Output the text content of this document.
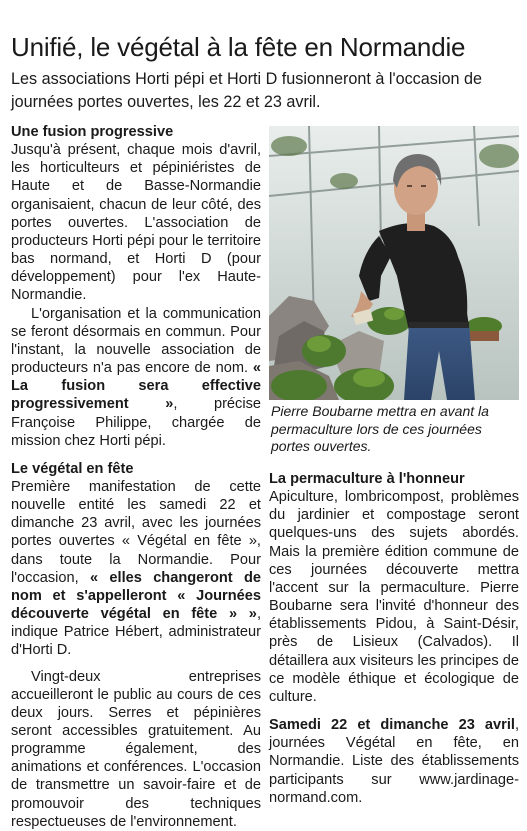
Unifié, le végétal à la fête en Normandie

Les associations Horti pépi et Horti D fusionneront à l'occasion de journées portes ouvertes, les 22 et 23 avril.

Une fusion progressive

Jusqu'à présent, chaque mois d'avril, les horticulteurs et pépiniéristes de Haute et de Basse-Normandie organisaient, chacun de leur côté, des portes ouvertes. L'association de producteurs Horti pépi pour le territoire bas normand, et Horti D (pour développement) pour l'ex Haute-Normandie.

L'organisation et la communication se feront désormais en commun. Pour l'instant, la nouvelle association de producteurs n'a pas encore de nom. « La fusion sera effective progressivement », précise Françoise Philippe, chargée de mission chez Horti pépi.

Le végétal en fête

Première manifestation de cette nouvelle entité les samedi 22 et dimanche 23 avril, avec les journées portes ouvertes « Végétal en fête », dans toute la Normandie. Pour l'occasion, « elles changeront de nom et s'appelleront « Journées découverte végétal en fête » », indique Patrice Hébert, administrateur d'Horti D.

Vingt-deux entreprises accueilleront le public au cours de ces deux jours. Serres et pépinières seront accessibles gratuitement. Au programme également, des animations et conférences. L'occasion de transmettre un savoir-faire et de promouvoir des techniques respectueuses de l'environnement.

Pierre Boubarne mettra en avant la permaculture lors de ces journées portes ouvertes.

La permaculture à l'honneur

Apiculture, lombricompost, problèmes du jardinier et compostage seront quelques-uns des sujets abordés. Mais la première édition commune de ces journées découverte mettra l'accent sur la permaculture. Pierre Boubarne sera l'invité d'honneur des établissements Pidou, à Saint-Désir, près de Lisieux (Calvados). Il détaillera aux visiteurs les principes de ce modèle éthique et écologique de culture.

Samedi 22 et dimanche 23 avril, journées Végétal en fête, en Normandie. Liste des établissements participants sur www.jardinage-normand.com.
